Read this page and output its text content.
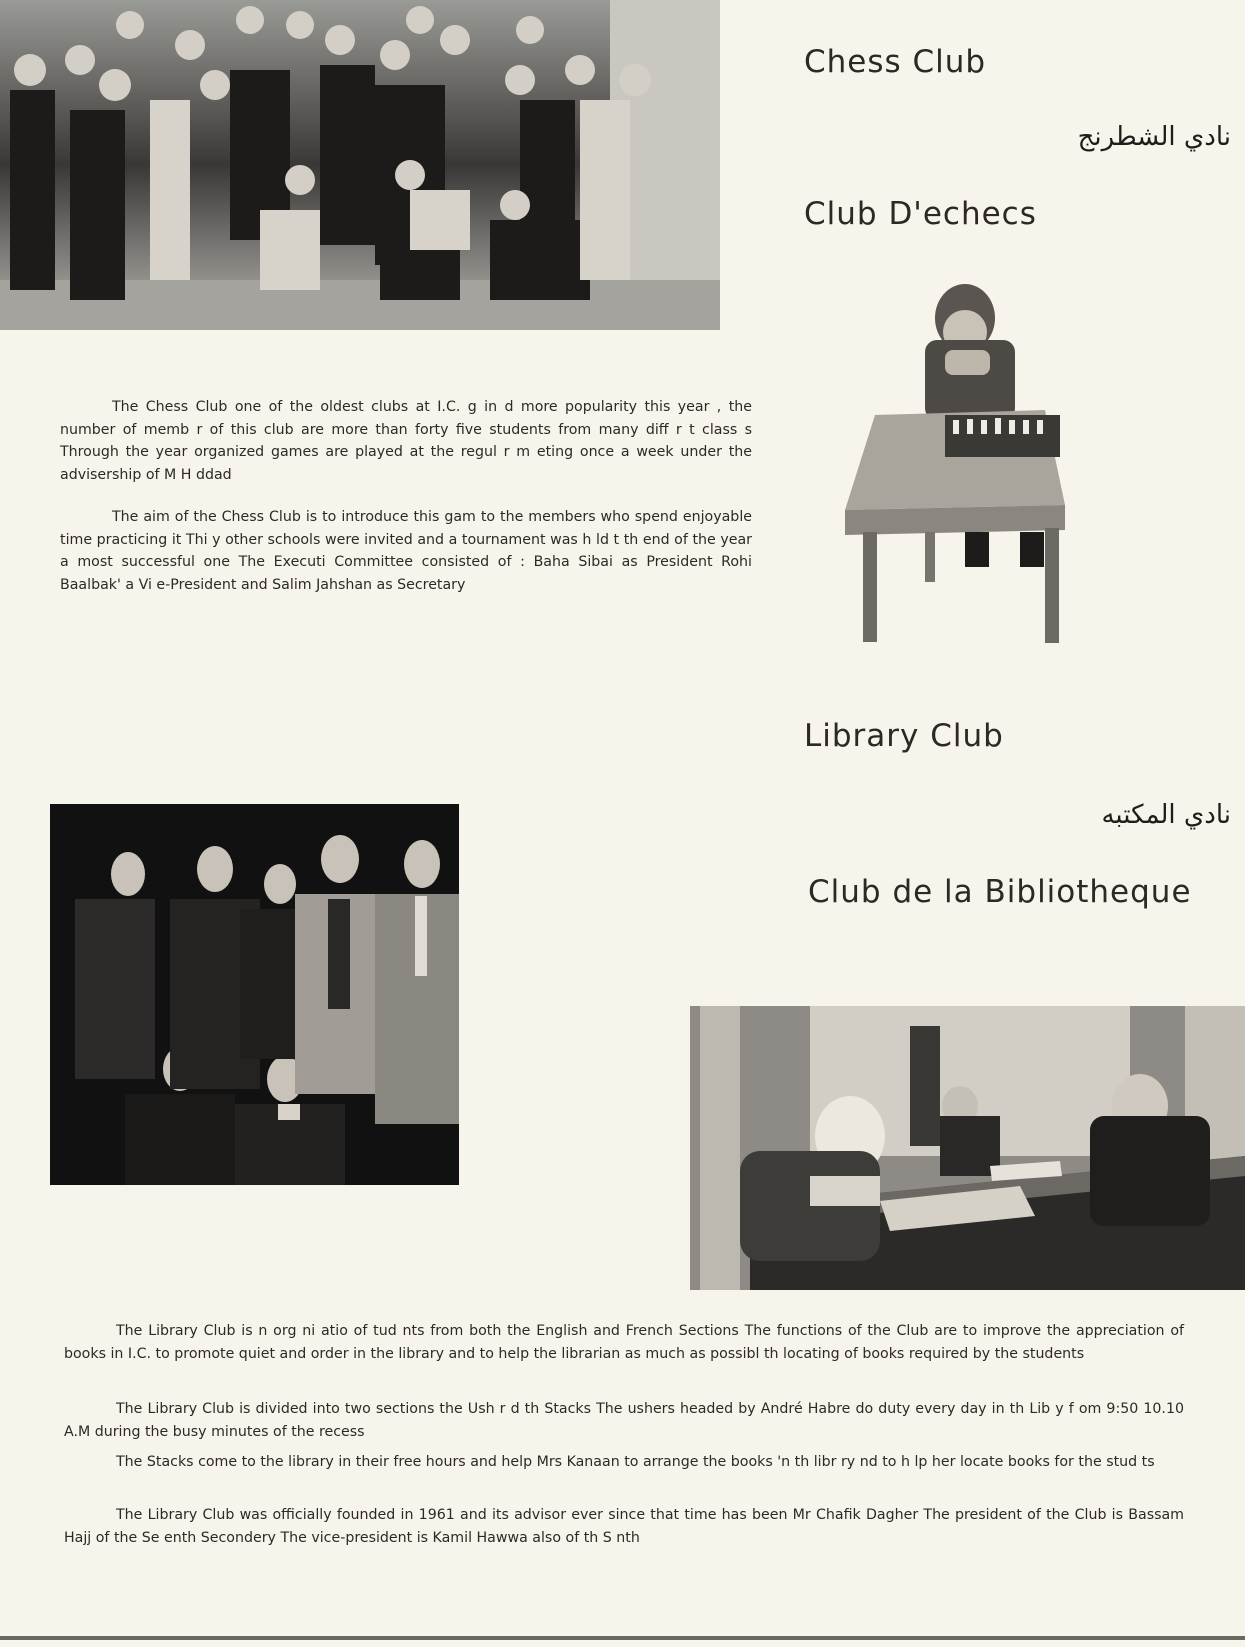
Chess Club
نادي الشطرنج
Club D'echecs

The Chess Club one of the oldest clubs at I.C. g in d more popularity this year , the number of memb r of this club are more than forty five students from many diff r t class s Through the year organized games are played at the regul r m eting once a week under the advisership of M H ddad

The aim of the Chess Club is to introduce this gam to the members who spend enjoyable time practicing it Thi y other schools were invited and a tournament was h ld t th end of the year a most successful one The Executi Committee consisted of : Baha Sibai as President Rohi Baalbak' a Vi e-President and Salim Jahshan as Secretary

Library Club
نادي المكتبه
Club de la Bibliotheque

The Library Club is n org ni atio of tud nts from both the English and French Sections The functions of the Club are to improve the appreciation of books in I.C. to promote quiet and order in the library and to help the librarian as much as possibl th locating of books required by the students

The Library Club is divided into two sections the Ush r d th Stacks The ushers headed by André Habre do duty every day in th Lib y f om 9:50 10.10 A.M during the busy minutes of the recess

The Stacks come to the library in their free hours and help Mrs Kanaan to arrange the books 'n th libr ry nd to h lp her locate books for the stud ts

The Library Club was officially founded in 1961 and its advisor ever since that time has been Mr Chafik Dagher The president of the Club is Bassam Hajj of the Se enth Secondery The vice-president is Kamil Hawwa also of th S nth
